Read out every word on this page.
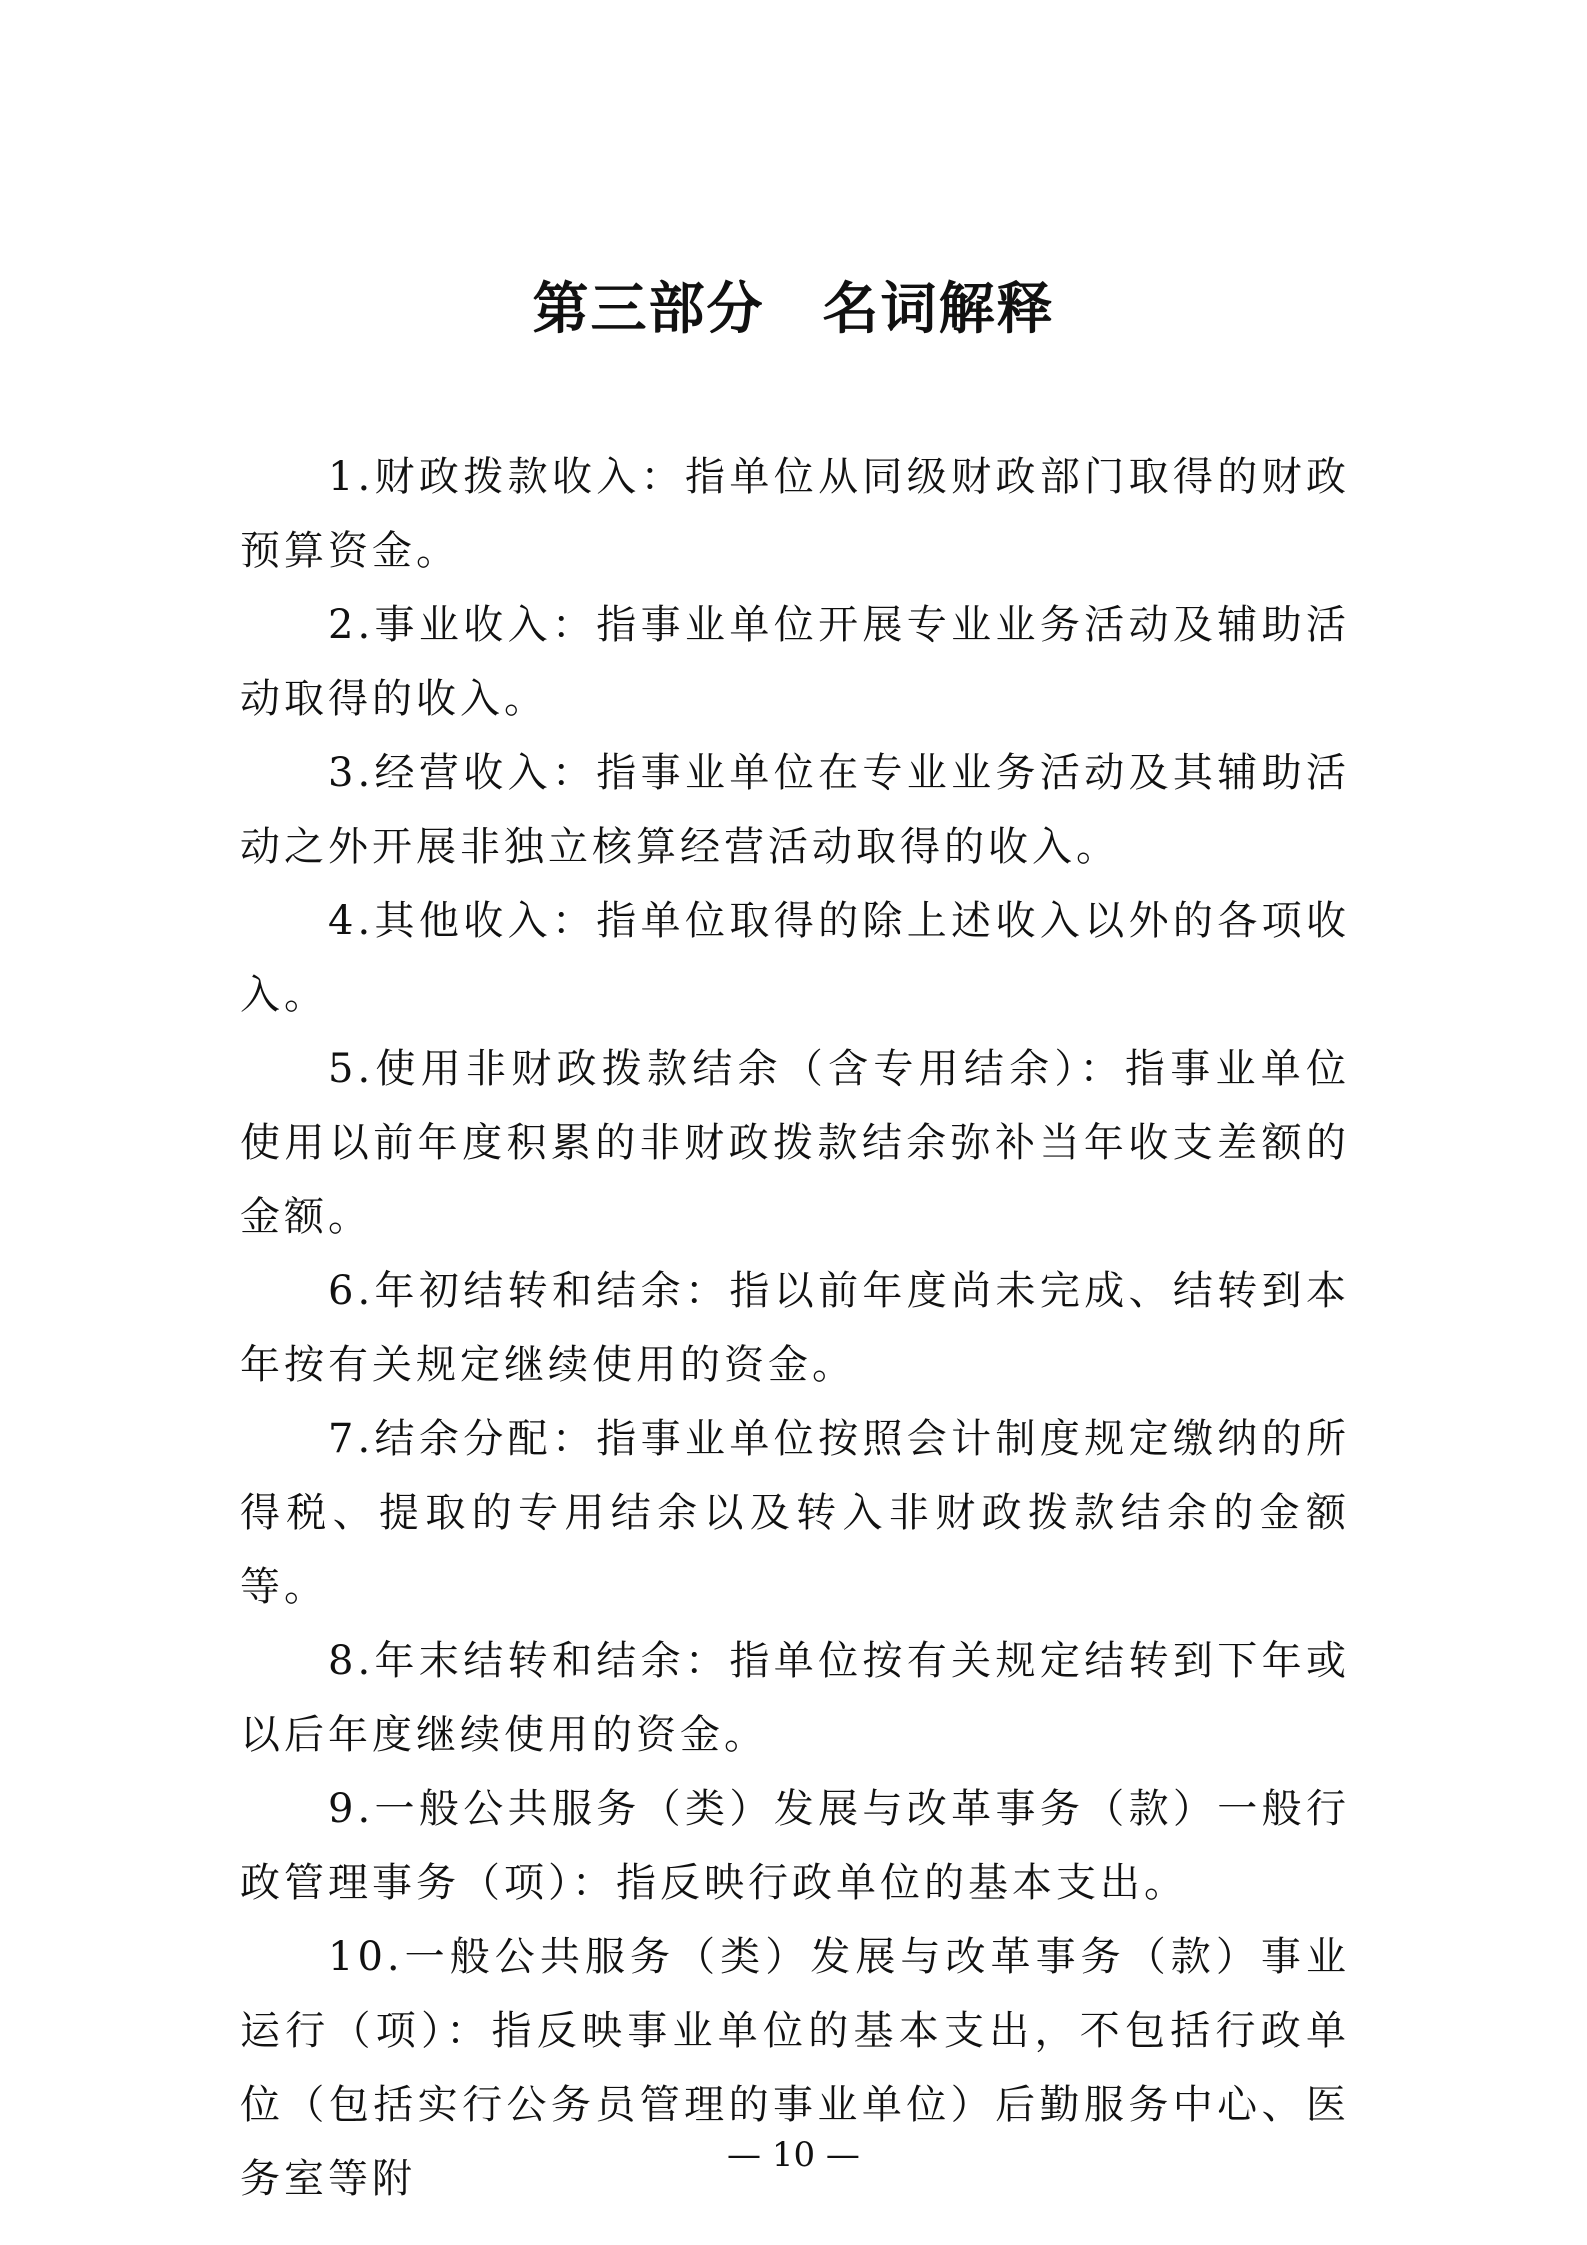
第三部分　名词解释

1.财政拨款收入：指单位从同级财政部门取得的财政预算资金。

2.事业收入：指事业单位开展专业业务活动及辅助活动取得的收入。

3.经营收入：指事业单位在专业业务活动及其辅助活动之外开展非独立核算经营活动取得的收入。

4.其他收入：指单位取得的除上述收入以外的各项收入。

5.使用非财政拨款结余（含专用结余）：指事业单位使用以前年度积累的非财政拨款结余弥补当年收支差额的金额。

6.年初结转和结余：指以前年度尚未完成、结转到本年按有关规定继续使用的资金。

7.结余分配：指事业单位按照会计制度规定缴纳的所得税、提取的专用结余以及转入非财政拨款结余的金额等。

8.年末结转和结余：指单位按有关规定结转到下年或以后年度继续使用的资金。

9.一般公共服务（类）发展与改革事务（款）一般行政管理事务（项）：指反映行政单位的基本支出。

10.一般公共服务（类）发展与改革事务（款）事业运行（项）：指反映事业单位的基本支出，不包括行政单位（包括实行公务员管理的事业单位）后勤服务中心、医务室等附

— 10 —
